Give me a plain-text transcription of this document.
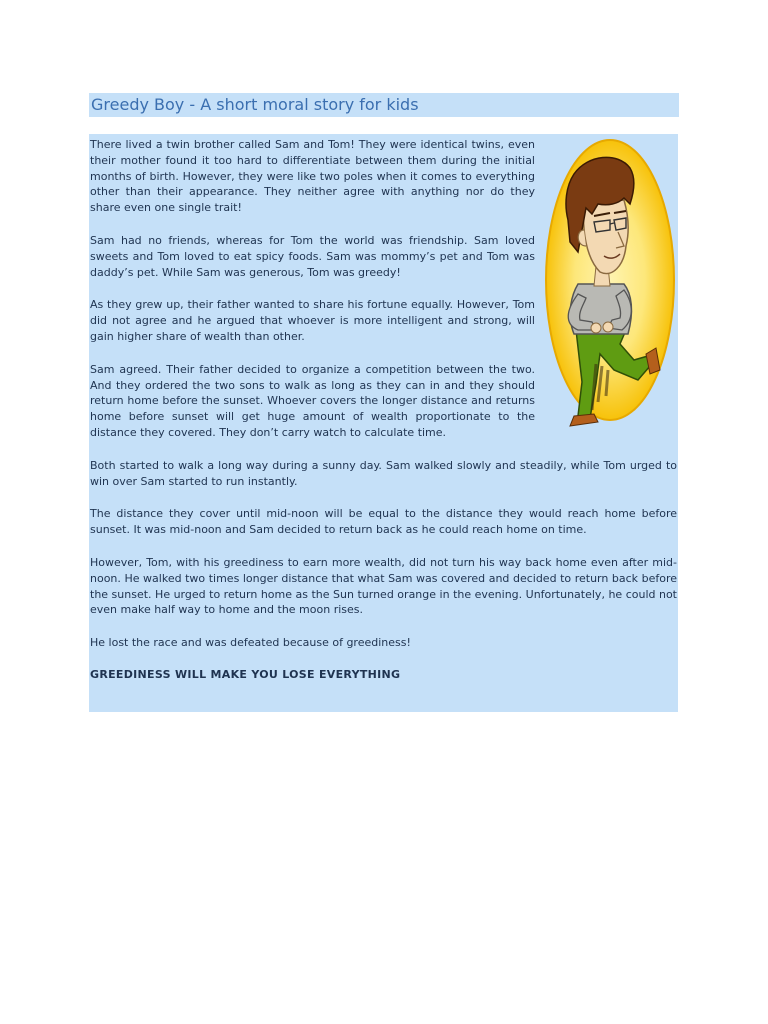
Greedy Boy - A short moral story for kids

There lived a twin brother called Sam and Tom! They were identical twins, even their mother found it too hard to differentiate between them during the initial months of birth. However, they were like two poles when it comes to everything other than their appearance. They neither agree with anything nor do they share even one single trait!

Sam had no friends, whereas for Tom the world was friendship. Sam loved sweets and Tom loved to eat spicy foods. Sam was mommy’s pet and Tom was daddy’s pet. While Sam was generous, Tom was greedy!

As they grew up, their father wanted to share his fortune equally. However, Tom did not agree and he argued that whoever is more intelligent and strong, will gain higher share of wealth than other.

Sam agreed. Their father decided to organize a competition between the two. And they ordered the two sons to walk as long as they can in and they should return home before the sunset. Whoever covers the longer distance and returns home before sunset will get huge amount of wealth proportionate to the distance they covered. They don’t carry watch to calculate time.

Both started to walk a long way during a sunny day. Sam walked slowly and steadily, while Tom urged to win over Sam started to run instantly.

The distance they cover until mid-noon will be equal to the distance they would reach home before sunset. It was mid-noon and Sam decided to return back as he could reach home on time.

However, Tom, with his greediness to earn more wealth, did not turn his way back home even after mid-noon. He walked two times longer distance that what Sam was covered and decided to return back before the sunset. He urged to return home as the Sun turned orange in the evening. Unfortunately, he could not even make half way to home and the moon rises.

He lost the race and was defeated because of greediness!

GREEDINESS WILL MAKE YOU LOSE EVERYTHING
